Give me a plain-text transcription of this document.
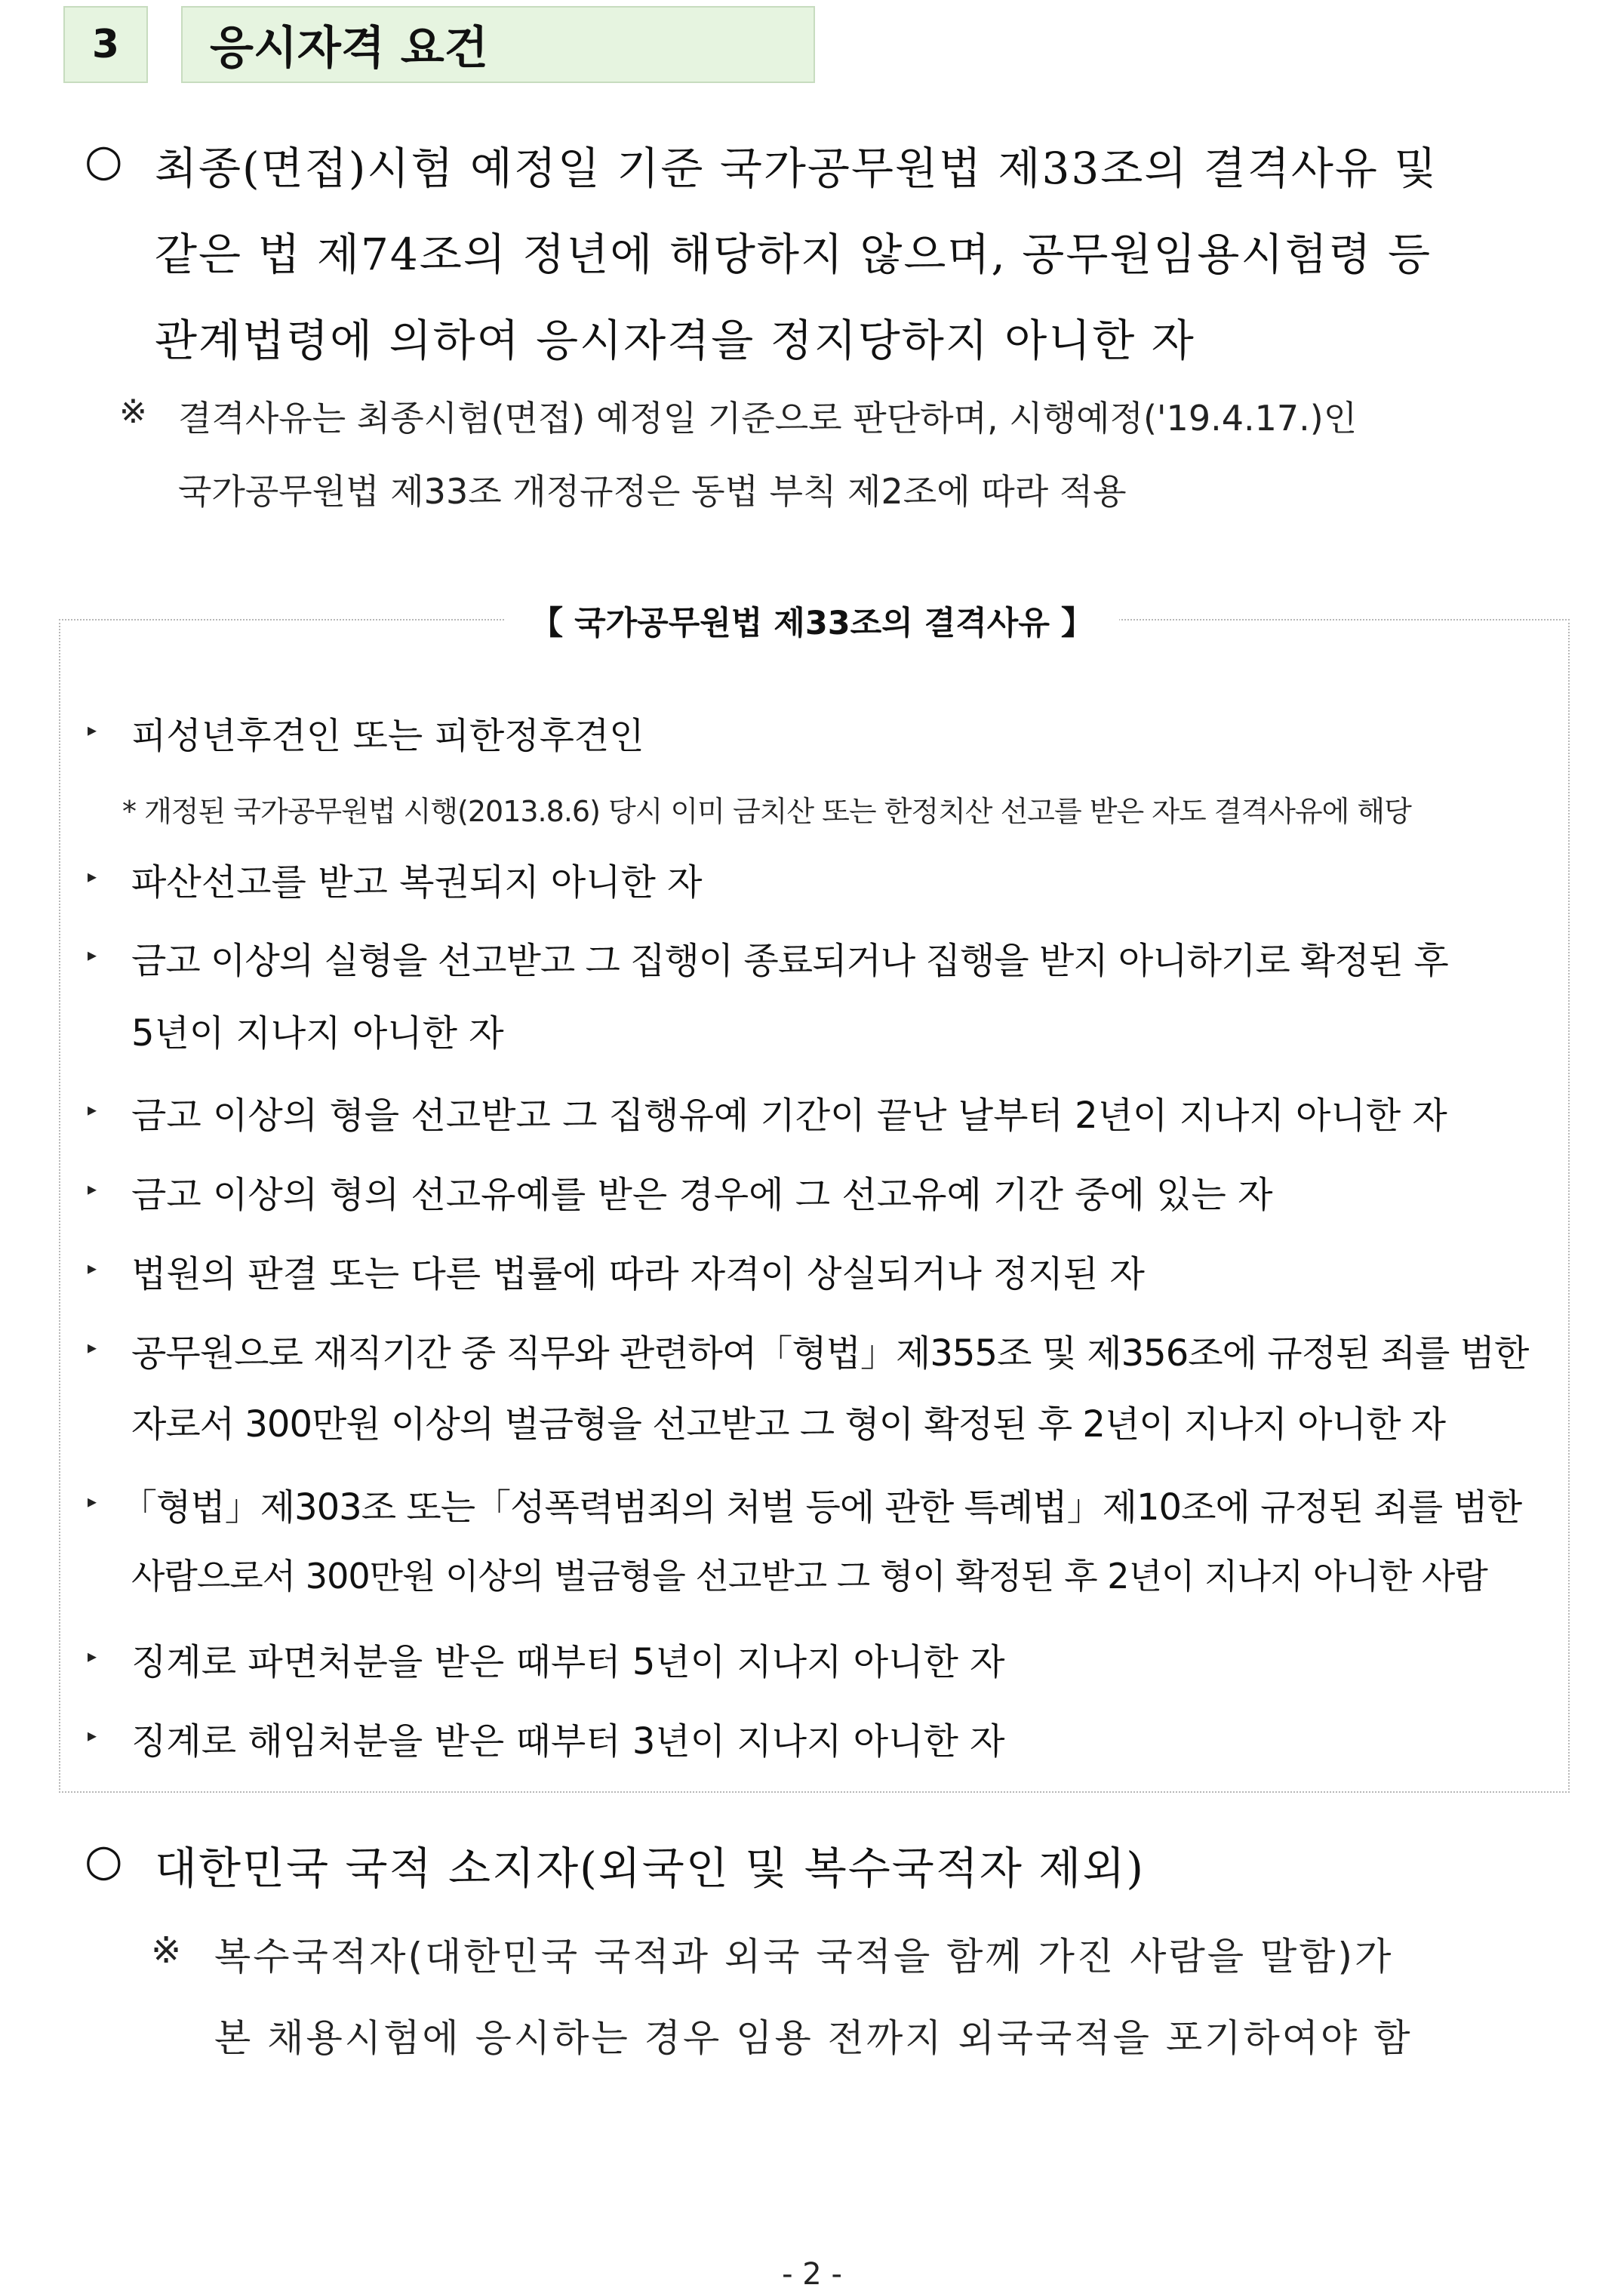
3	응시자격 요건
○ 최종(면접)시험 예정일 기준 국가공무원법 제33조의 결격사유 및
같은 법 제74조의 정년에 해당하지 않으며, 공무원임용시험령 등
관계법령에 의하여 응시자격을 정지당하지 아니한 자
※ 결격사유는 최종시험(면접) 예정일 기준으로 판단하며, 시행예정('19.4.17.)인
국가공무원법 제33조 개정규정은 동법 부칙 제2조에 따라 적용
【 국가공무원법 제33조의 결격사유 】
▸ 피성년후견인 또는 피한정후견인
* 개정된 국가공무원법 시행(2013.8.6) 당시 이미 금치산 또는 한정치산 선고를 받은 자도 결격사유에 해당
▸ 파산선고를 받고 복권되지 아니한 자
▸ 금고 이상의 실형을 선고받고 그 집행이 종료되거나 집행을 받지 아니하기로 확정된 후
5년이 지나지 아니한 자
▸ 금고 이상의 형을 선고받고 그 집행유예 기간이 끝난 날부터 2년이 지나지 아니한 자
▸ 금고 이상의 형의 선고유예를 받은 경우에 그 선고유예 기간 중에 있는 자
▸ 법원의 판결 또는 다른 법률에 따라 자격이 상실되거나 정지된 자
▸ 공무원으로 재직기간 중 직무와 관련하여「형법」제355조 및 제356조에 규정된 죄를 범한
자로서 300만원 이상의 벌금형을 선고받고 그 형이 확정된 후 2년이 지나지 아니한 자
▸ 「형법」제303조 또는「성폭력범죄의 처벌 등에 관한 특례법」제10조에 규정된 죄를 범한
사람으로서 300만원 이상의 벌금형을 선고받고 그 형이 확정된 후 2년이 지나지 아니한 사람
▸ 징계로 파면처분을 받은 때부터 5년이 지나지 아니한 자
▸ 징계로 해임처분을 받은 때부터 3년이 지나지 아니한 자
○ 대한민국 국적 소지자(외국인 및 복수국적자 제외)
※ 복수국적자(대한민국 국적과 외국 국적을 함께 가진 사람을 말함)가
본 채용시험에 응시하는 경우 임용 전까지 외국국적을 포기하여야 함
- 2 -
